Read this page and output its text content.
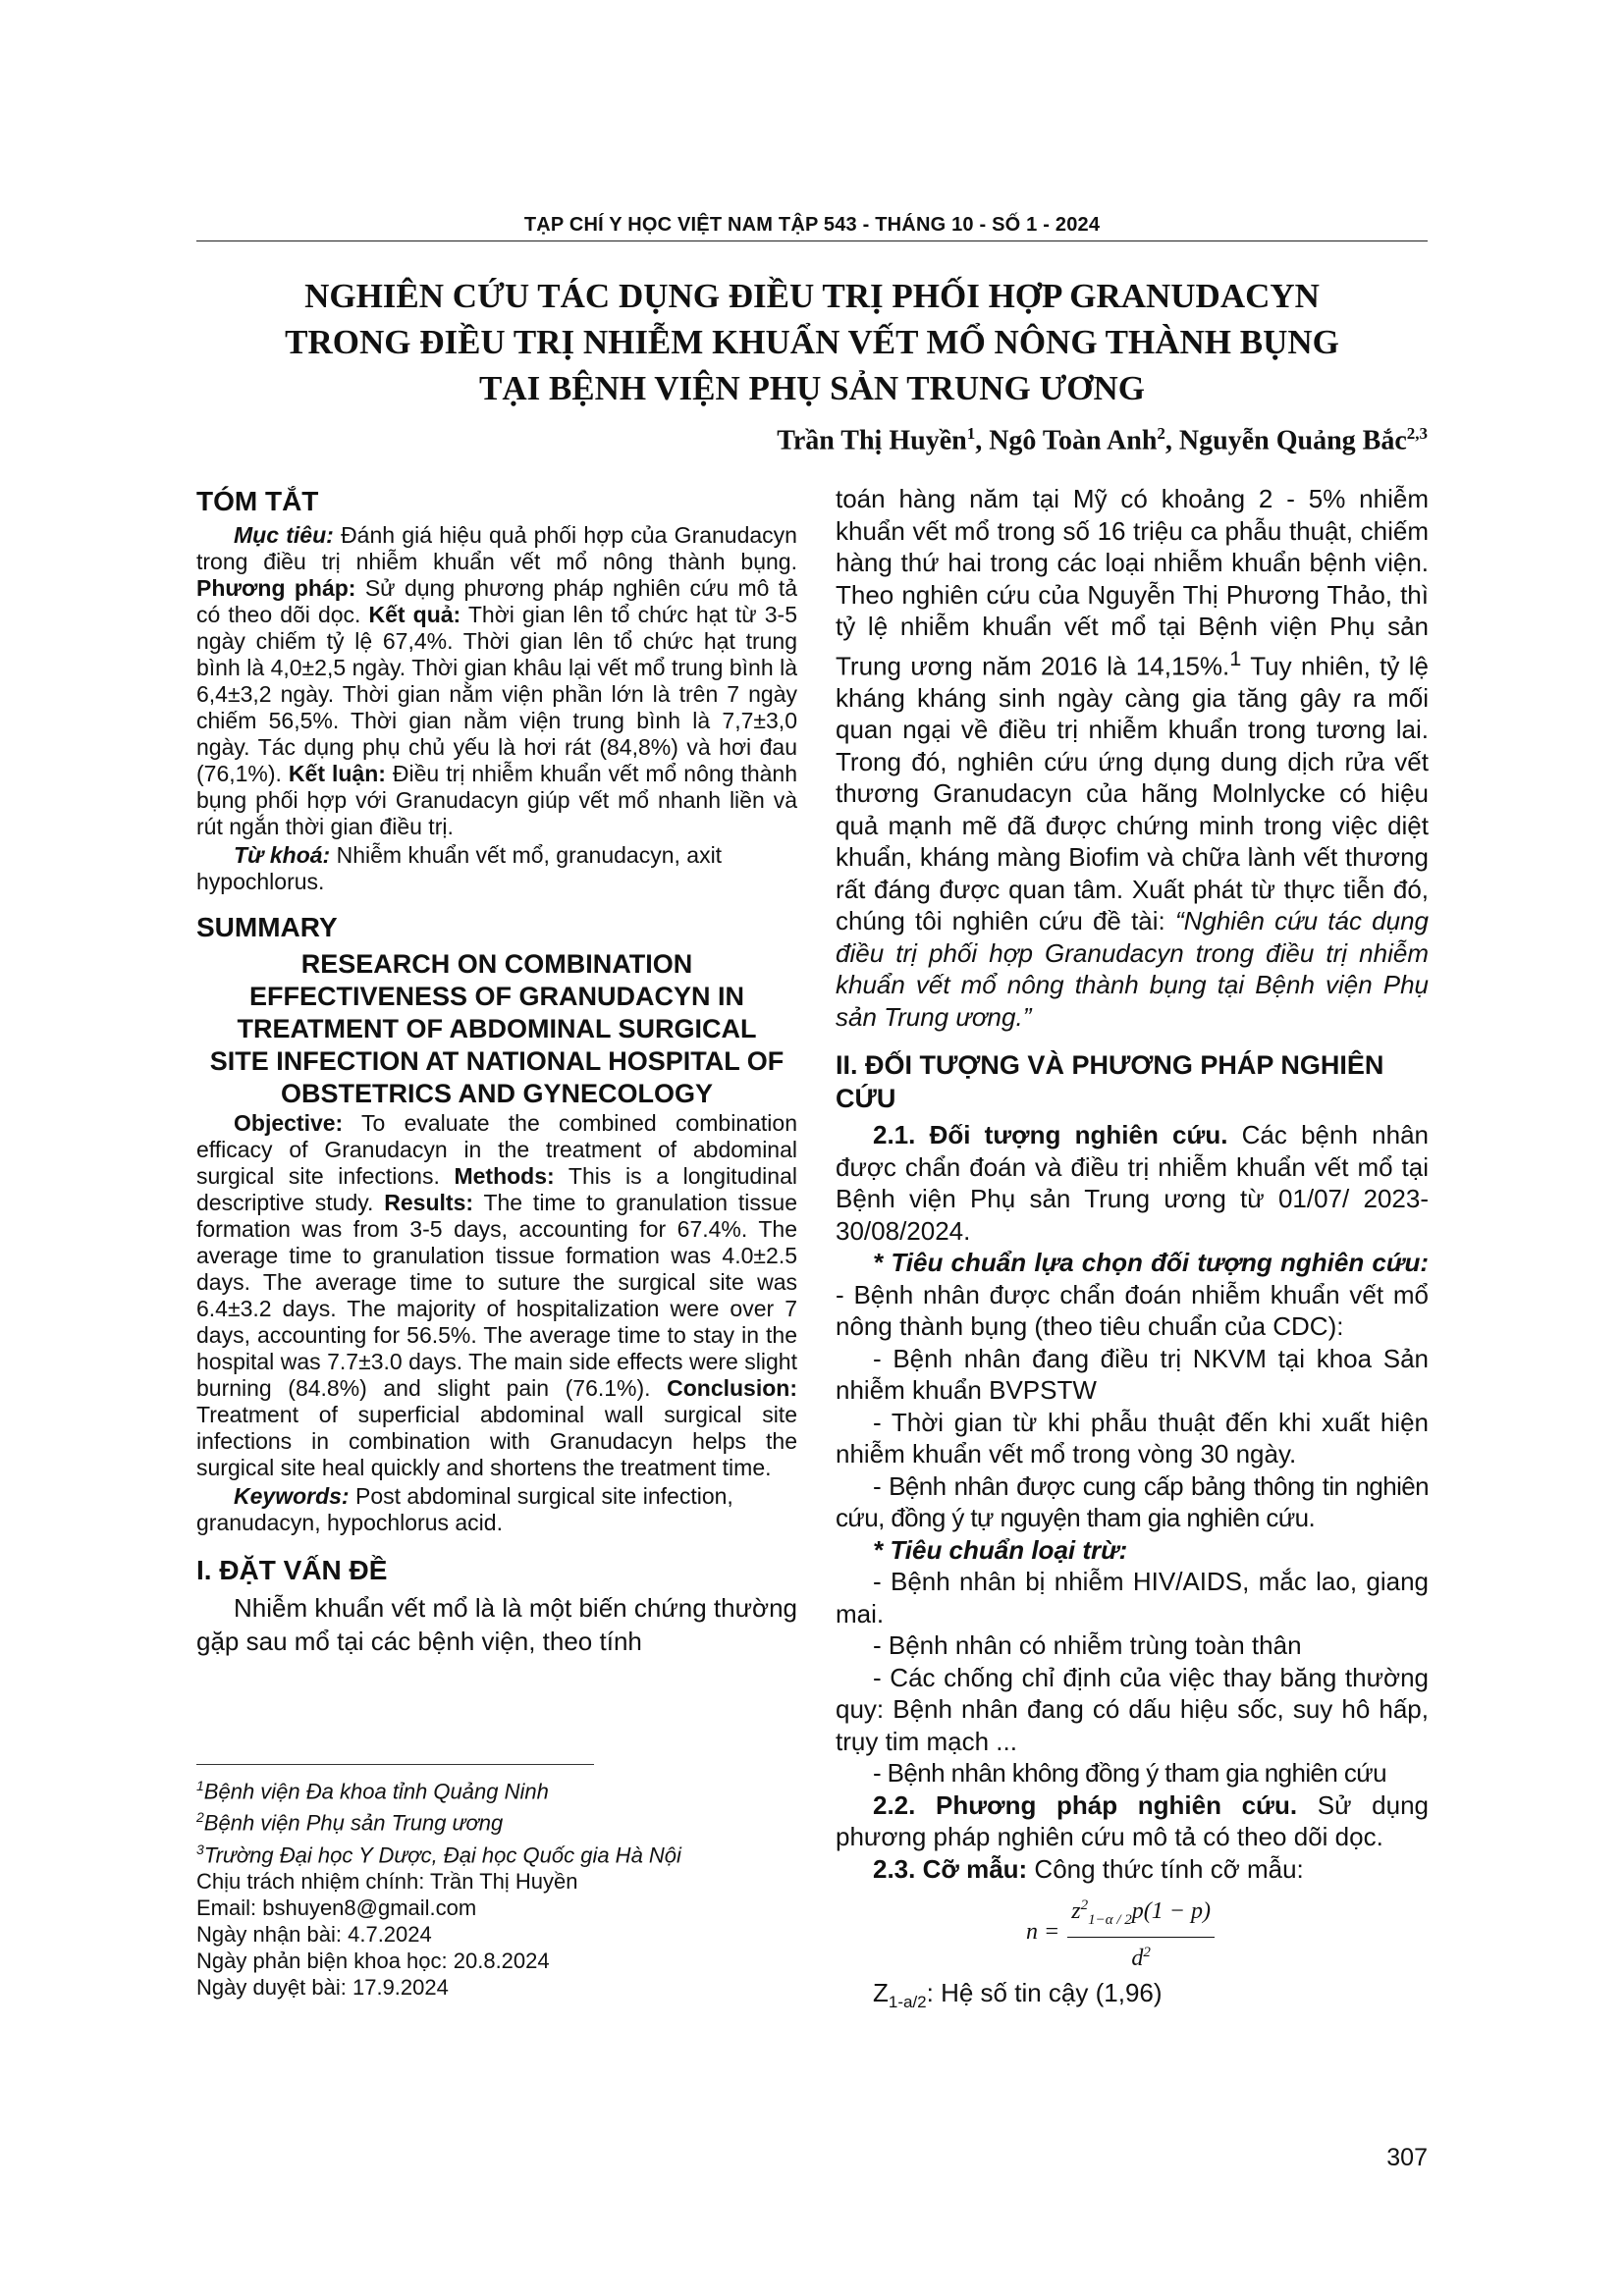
TẠP CHÍ Y HỌC VIỆT NAM TẬP 543 - THÁNG 10 - SỐ 1 - 2024
NGHIÊN CỨU TÁC DỤNG ĐIỀU TRỊ PHỐI HỢP GRANUDACYN
TRONG ĐIỀU TRỊ NHIỄM KHUẨN VẾT MỔ NÔNG THÀNH BỤNG
TẠI BỆNH VIỆN PHỤ SẢN TRUNG ƯƠNG
Trần Thị Huyền$^1$, Ngô Toàn Anh$^2$, Nguyễn Quảng Bắc$^{2,3}$
TÓM TẮT
Mục tiêu: Đánh giá hiệu quả phối hợp của Granudacyn trong điều trị nhiễm khuẩn vết mổ nông thành bụng. Phương pháp: Sử dụng phương pháp nghiên cứu mô tả có theo dõi dọc. Kết quả: Thời gian lên tổ chức hạt từ 3-5 ngày chiếm tỷ lệ 67,4%. Thời gian lên tổ chức hạt trung bình là 4,0±2,5 ngày. Thời gian khâu lại vết mổ trung bình là 6,4±3,2 ngày. Thời gian nằm viện phần lớn là trên 7 ngày chiếm 56,5%. Thời gian nằm viện trung bình là 7,7±3,0 ngày. Tác dụng phụ chủ yếu là hơi rát (84,8%) và hơi đau (76,1%). Kết luận: Điều trị nhiễm khuẩn vết mổ nông thành bụng phối hợp với Granudacyn giúp vết mổ nhanh liền và rút ngắn thời gian điều trị.
Từ khoá: Nhiễm khuẩn vết mổ, granudacyn, axit hypochlorus.
SUMMARY
RESEARCH ON COMBINATION EFFECTIVENESS OF GRANUDACYN IN TREATMENT OF ABDOMINAL SURGICAL SITE INFECTION AT NATIONAL HOSPITAL OF OBSTETRICS AND GYNECOLOGY
Objective: To evaluate the combined combination efficacy of Granudacyn in the treatment of abdominal surgical site infections. Methods: This is a longitudinal descriptive study. Results: The time to granulation tissue formation was from 3-5 days, accounting for 67.4%. The average time to granulation tissue formation was 4.0±2.5 days. The average time to suture the surgical site was 6.4±3.2 days. The majority of hospitalization were over 7 days, accounting for 56.5%. The average time to stay in the hospital was 7.7±3.0 days. The main side effects were slight burning (84.8%) and slight pain (76.1%). Conclusion: Treatment of superficial abdominal wall surgical site infections in combination with Granudacyn helps the surgical site heal quickly and shortens the treatment time.
Keywords: Post abdominal surgical site infection, granudacyn, hypochlorus acid.
I. ĐẶT VẤN ĐỀ
Nhiễm khuẩn vết mổ là là một biến chứng thường gặp sau mổ tại các bệnh viện, theo tính
$^1$Bệnh viện Đa khoa tỉnh Quảng Ninh
$^2$Bệnh viện Phụ sản Trung ương
$^3$Trường Đại học Y Dược, Đại học Quốc gia Hà Nội
Chịu trách nhiệm chính: Trần Thị Huyền
Email: bshuyen8@gmail.com
Ngày nhận bài: 4.7.2024
Ngày phản biện khoa học: 20.8.2024
Ngày duyệt bài: 17.9.2024
toán hàng năm tại Mỹ có khoảng 2 - 5% nhiễm khuẩn vết mổ trong số 16 triệu ca phẫu thuật, chiếm hàng thứ hai trong các loại nhiễm khuẩn bệnh viện. Theo nghiên cứu của Nguyễn Thị Phương Thảo, thì tỷ lệ nhiễm khuẩn vết mổ tại Bệnh viện Phụ sản Trung ương năm 2016 là 14,15%.$^1$ Tuy nhiên, tỷ lệ kháng kháng sinh ngày càng gia tăng gây ra mối quan ngại về điều trị nhiễm khuẩn trong tương lai. Trong đó, nghiên cứu ứng dụng dung dịch rửa vết thương Granudacyn của hãng Molnlycke có hiệu quả mạnh mẽ đã được chứng minh trong việc diệt khuẩn, kháng màng Biofim và chữa lành vết thương rất đáng được quan tâm. Xuất phát từ thực tiễn đó, chúng tôi nghiên cứu đề tài: “Nghiên cứu tác dụng điều trị phối hợp Granudacyn trong điều trị nhiễm khuẩn vết mổ nông thành bụng tại Bệnh viện Phụ sản Trung ương.”
II. ĐỐI TƯỢNG VÀ PHƯƠNG PHÁP NGHIÊN CỨU
2.1. Đối tượng nghiên cứu. Các bệnh nhân được chẩn đoán và điều trị nhiễm khuẩn vết mổ tại Bệnh viện Phụ sản Trung ương từ 01/07/ 2023- 30/08/2024.
* Tiêu chuẩn lựa chọn đối tượng nghiên cứu: - Bệnh nhân được chẩn đoán nhiễm khuẩn vết mổ nông thành bụng (theo tiêu chuẩn của CDC):
- Bệnh nhân đang điều trị NKVM tại khoa Sản nhiễm khuẩn BVPSTW
- Thời gian từ khi phẫu thuật đến khi xuất hiện nhiễm khuẩn vết mổ trong vòng 30 ngày.
- Bệnh nhân được cung cấp bảng thông tin nghiên cứu, đồng ý tự nguyện tham gia nghiên cứu.
* Tiêu chuẩn loại trừ:
- Bệnh nhân bị nhiễm HIV/AIDS, mắc lao, giang mai.
- Bệnh nhân có nhiễm trùng toàn thân
- Các chống chỉ định của việc thay băng thường quy: Bệnh nhân đang có dấu hiệu sốc, suy hô hấp, trụy tim mạch ...
- Bệnh nhân không đồng ý tham gia nghiên cứu
2.2. Phương pháp nghiên cứu. Sử dụng phương pháp nghiên cứu mô tả có theo dõi dọc.
2.3. Cỡ mẫu: Công thức tính cỡ mẫu:
$n = \frac{z^2_{1-\alpha / 2}p(1 - p)}{d^2}$
$Z_{1-a/2}$: Hệ số tin cậy (1,96)
307
